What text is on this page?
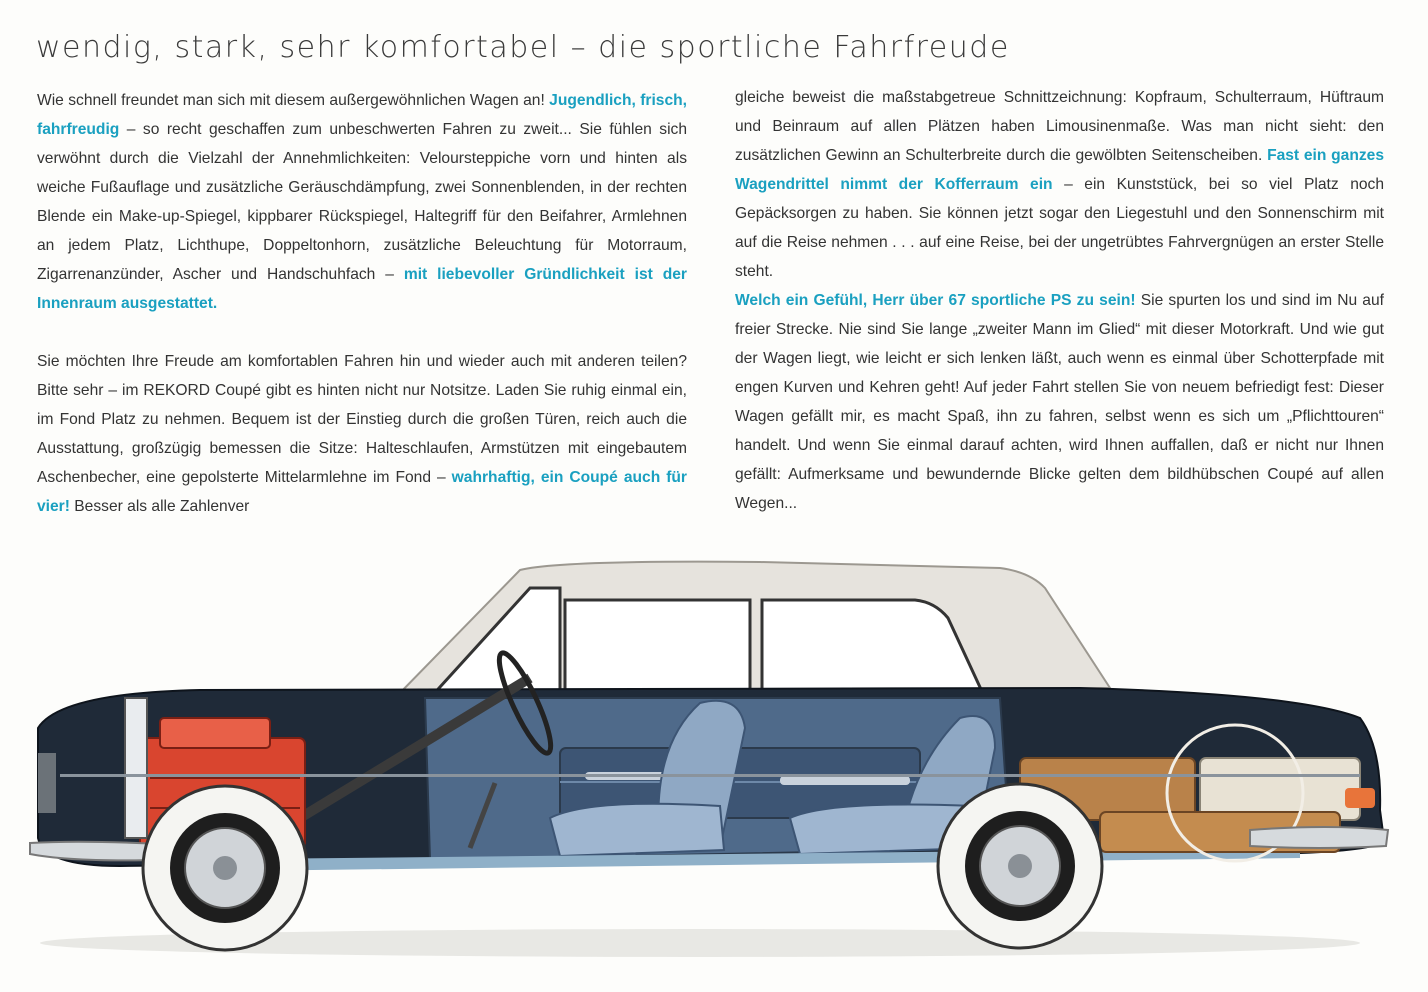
wendig, stark, sehr komfortabel – die sportliche Fahrfreude

Wie schnell freundet man sich mit diesem außergewöhnlichen Wagen an! Jugendlich, frisch, fahrfreudig – so recht geschaffen zum unbeschwerten Fahren zu zweit... Sie fühlen sich verwöhnt durch die Vielzahl der Annehmlichkeiten: Veloursteppiche vorn und hinten als weiche Fußauflage und zusätzliche Geräuschdämpfung, zwei Sonnenblenden, in der rechten Blende ein Make-up-Spiegel, kippbarer Rückspiegel, Haltegriff für den Beifahrer, Armlehnen an jedem Platz, Lichthupe, Doppeltonhorn, zusätzliche Beleuchtung für Motorraum, Zigarrenanzünder, Ascher und Handschuhfach – mit liebevoller Gründlichkeit ist der Innenraum ausgestattet.

Sie möchten Ihre Freude am komfortablen Fahren hin und wieder auch mit anderen teilen? Bitte sehr – im REKORD Coupé gibt es hinten nicht nur Notsitze. Laden Sie ruhig einmal ein, im Fond Platz zu nehmen. Bequem ist der Einstieg durch die großen Türen, reich auch die Ausstattung, großzügig bemessen die Sitze: Halteschlaufen, Armstützen mit eingebautem Aschenbecher, eine gepolsterte Mittelarmlehne im Fond – wahrhaftig, ein Coupé auch für vier! Besser als alle Zahlenver

gleiche beweist die maßstabgetreue Schnittzeichnung: Kopfraum, Schulterraum, Hüftraum und Beinraum auf allen Plätzen haben Limousinenmaße. Was man nicht sieht: den zusätzlichen Gewinn an Schulterbreite durch die gewölbten Seitenscheiben. Fast ein ganzes Wagendrittel nimmt der Kofferraum ein – ein Kunststück, bei so viel Platz noch Gepäcksorgen zu haben. Sie können jetzt sogar den Liegestuhl und den Sonnenschirm mit auf die Reise nehmen . . . auf eine Reise, bei der ungetrübtes Fahrvergnügen an erster Stelle steht.

Welch ein Gefühl, Herr über 67 sportliche PS zu sein! Sie spurten los und sind im Nu auf freier Strecke. Nie sind Sie lange „zweiter Mann im Glied“ mit dieser Motorkraft. Und wie gut der Wagen liegt, wie leicht er sich lenken läßt, auch wenn es einmal über Schotterpfade mit engen Kurven und Kehren geht! Auf jeder Fahrt stellen Sie von neuem befriedigt fest: Dieser Wagen gefällt mir, es macht Spaß, ihn zu fahren, selbst wenn es sich um „Pflichttouren“ handelt. Und wenn Sie einmal darauf achten, wird Ihnen auffallen, daß er nicht nur Ihnen gefällt: Aufmerksame und bewundernde Blicke gelten dem bildhübschen Coupé auf allen Wegen...
